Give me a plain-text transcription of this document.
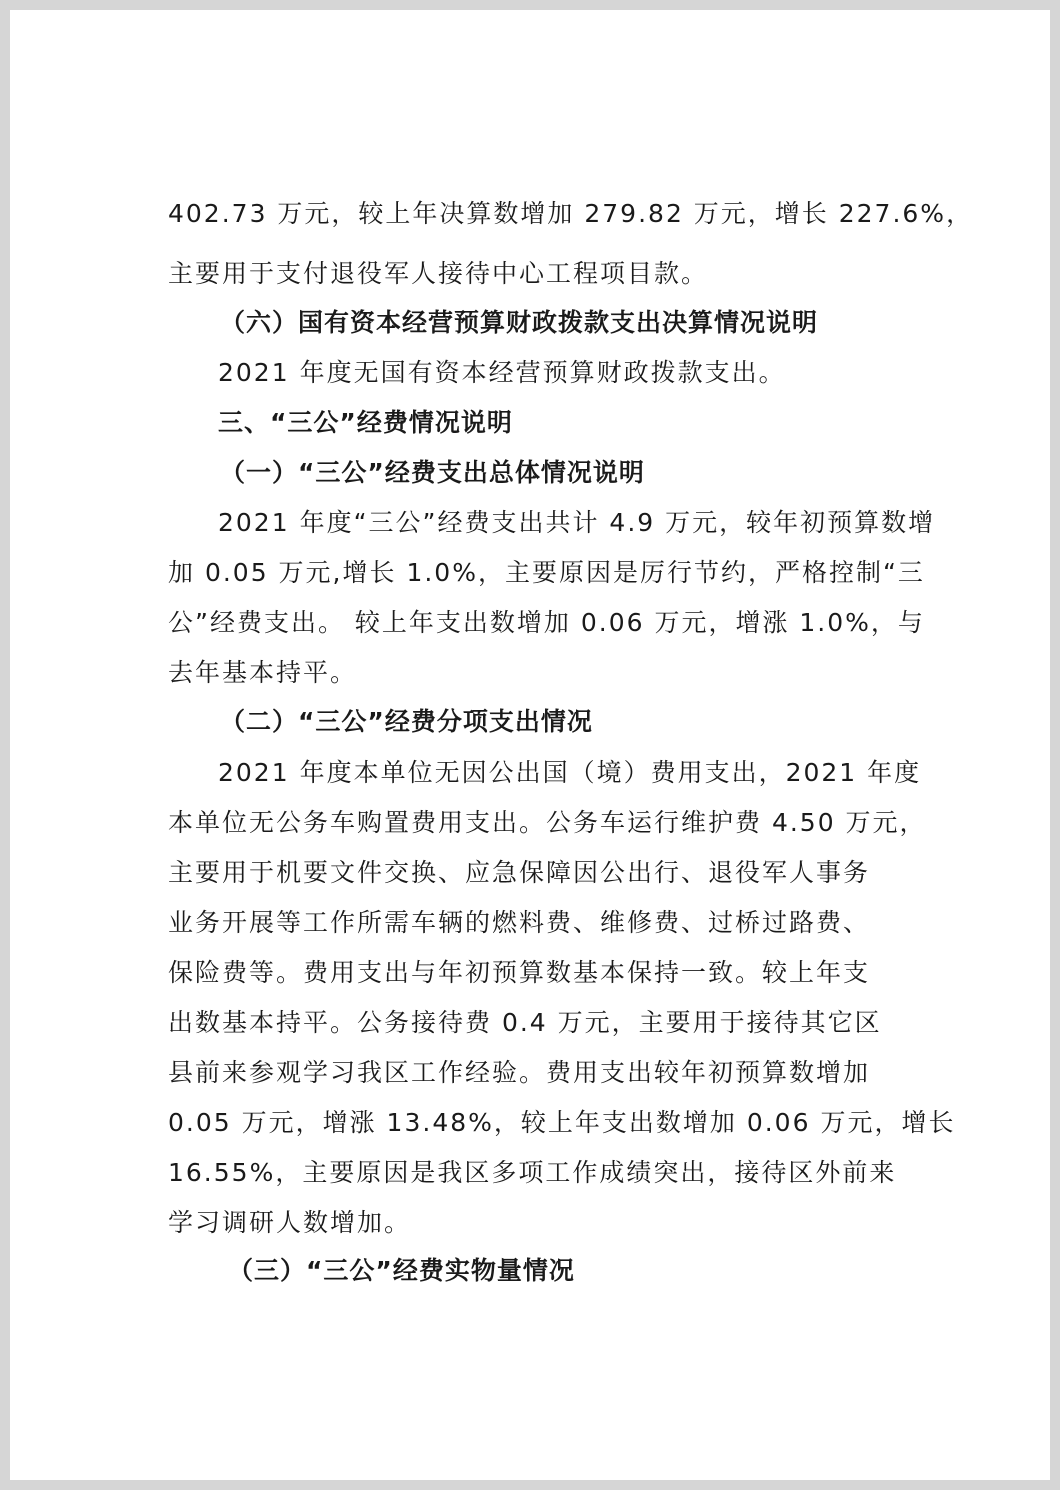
402.73 万元，较上年决算数增加 279.82 万元，增长 227.6%，
主要用于支付退役军人接待中心工程项目款。
（六）国有资本经营预算财政拨款支出决算情况说明
2021 年度无国有资本经营预算财政拨款支出。
三、“三公”经费情况说明
（一）“三公”经费支出总体情况说明
2021 年度“三公”经费支出共计 4.9 万元，较年初预算数增
加 0.05 万元,增长 1.0%，主要原因是厉行节约，严格控制“三
公”经费支出。 较上年支出数增加 0.06 万元，增涨 1.0%，与
去年基本持平。
（二）“三公”经费分项支出情况
2021 年度本单位无因公出国（境）费用支出，2021 年度
本单位无公务车购置费用支出。公务车运行维护费 4.50 万元，
主要用于机要文件交换、应急保障因公出行、退役军人事务
业务开展等工作所需车辆的燃料费、维修费、过桥过路费、
保险费等。费用支出与年初预算数基本保持一致。较上年支
出数基本持平。公务接待费 0.4 万元，主要用于接待其它区
县前来参观学习我区工作经验。费用支出较年初预算数增加
0.05 万元，增涨 13.48%，较上年支出数增加 0.06 万元，增长
16.55%，主要原因是我区多项工作成绩突出，接待区外前来
学习调研人数增加。
（三）“三公”经费实物量情况
